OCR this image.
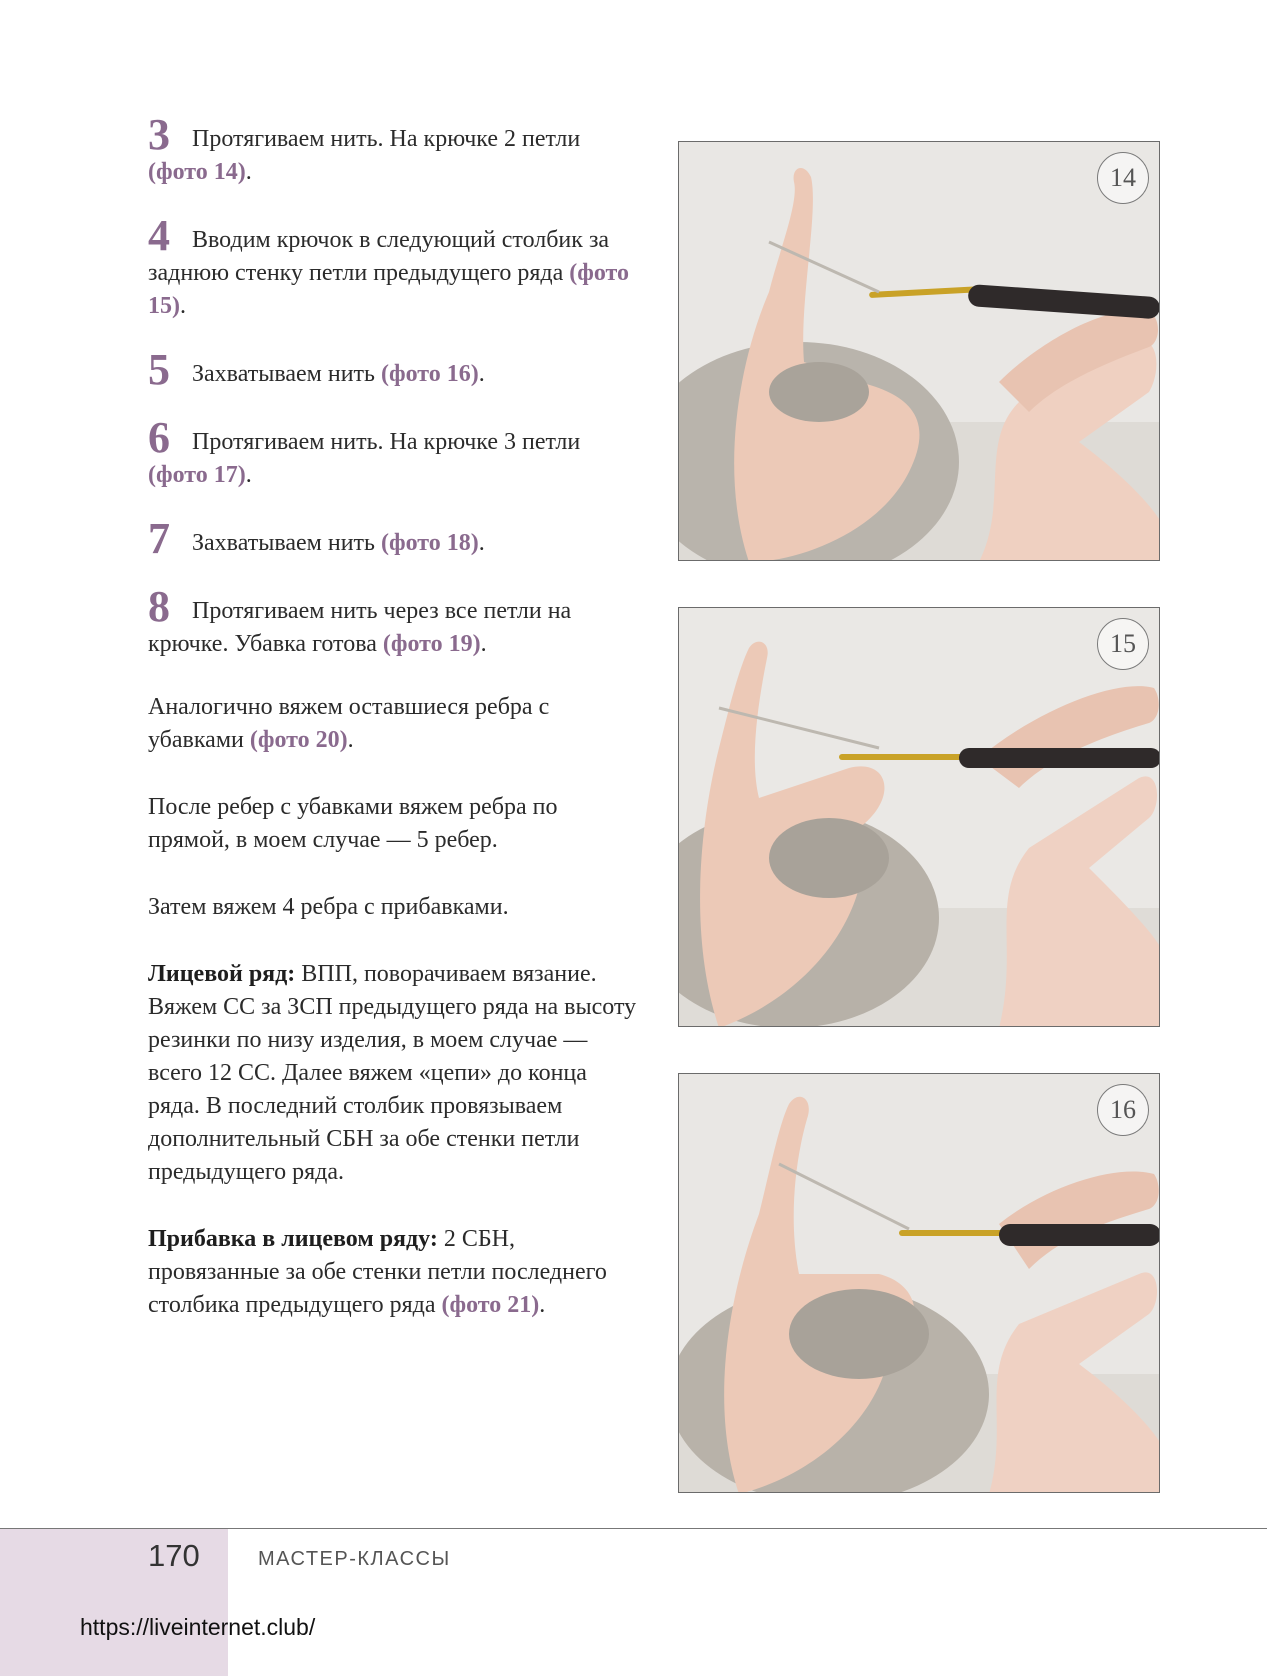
3 Протягиваем нить. На крючке 2 петли (фото 14).

4 Вводим крючок в следующий столбик за заднюю стенку петли предыдущего ряда (фото 15).

5 Захватываем нить (фото 16).

6 Протягиваем нить. На крючке 3 петли (фото 17).

7 Захватываем нить (фото 18).

8 Протягиваем нить через все петли на крючке. Убавка готова (фото 19).

Аналогично вяжем оставшиеся ребра с убавками (фото 20).

После ребер с убавками вяжем ребра по прямой, в моем случае — 5 ребер.

Затем вяжем 4 ребра с прибавками.

Лицевой ряд: ВПП, поворачиваем вязание. Вяжем СС за ЗСП предыдущего ряда на высоту резинки по низу изделия, в моем случае — всего 12 СС. Далее вяжем «цепи» до конца ряда. В последний столбик провязываем дополнительный СБН за обе стенки петли предыдущего ряда.

Прибавка в лицевом ряду: 2 СБН, провязанные за обе стенки петли последнего столбика предыдущего ряда (фото 21).

14
15
16
170	МАСТЕР-КЛАССЫ
https://liveinternet.club/
